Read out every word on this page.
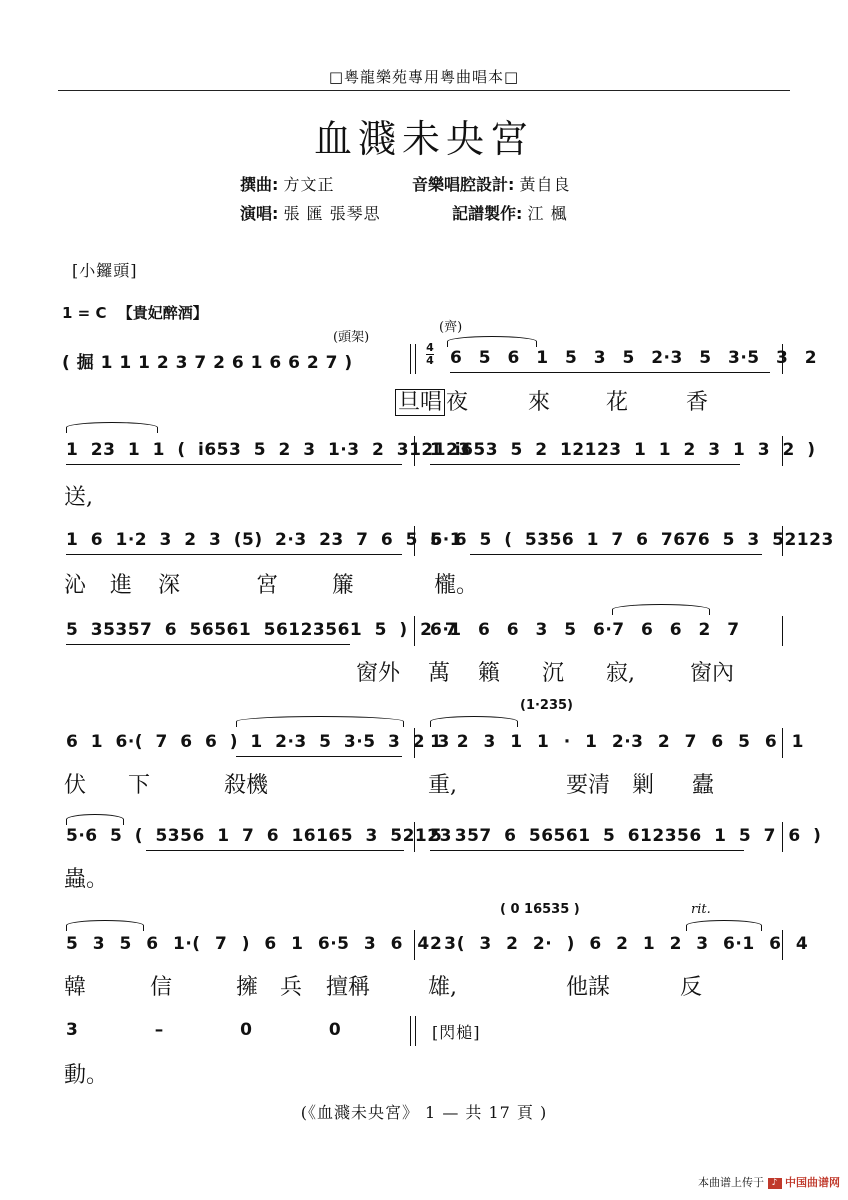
□粵龍樂苑專用粵曲唱本□
血濺未央宮
撰曲: 方文正	音樂唱腔設計: 黃自良
演唱: 張 匯 張琴思	記譜製作: 江 楓
[小鑼頭]
1 = C 【貴妃醉酒】
(頭架)
(齊)
( 掘 1 1 1 2 3 7 2 6 1 6 6 2 7 )
4
4 6 5 6 1 5 3 5 2·3 5 3·5 3 2
旦唱 夜	來	花	香
1 23 1 1 ( i653 5 2 3 1·3 2 312123
1 i653 5 2 12123 1 1 2 3 1 3 2 )
送,
1 6 1·2 3 2 3 (5) 2·3 23 7 6 5 6·1
5 6 5 ( 5356 1 7 6 7676 5 3 52123
沁 進 深	宮 簾	櫳。
5 35357 6 56561 56123561 5 ) 2 7
6·1 6 6 3 5 6·7 6 6 2 7
窗外 萬 籟 沉 寂,	窗內
(1·235)
6 1 6·( 7 6 6 ) 1 2·3 5 3·5 3 2 3
1 2 3 1 1 · 1 2·3 2 7 6 5 6 1
伏 下	殺機	重,	要清 剿 蠹
5·6 5 ( 5356 1 7 6 16165 3 52123
5 357 6 56561 5 612356 1 5 7 6 )
蟲。
( 0 16535 )	rit.
5 3 5 6 1·( 7 ) 6 1 6·5 3 6 4 3
2 ( 3 2 2· ) 6 2 1 2 3 6·1 6 4
韓	信	擁 兵 擅稱	雄,	他謀	反
3 – 0 0	[閃槌]
動。
(《血濺未央宮》 1 — 共 17 頁 )
本曲谱上传于 ♪ 中国曲谱网
